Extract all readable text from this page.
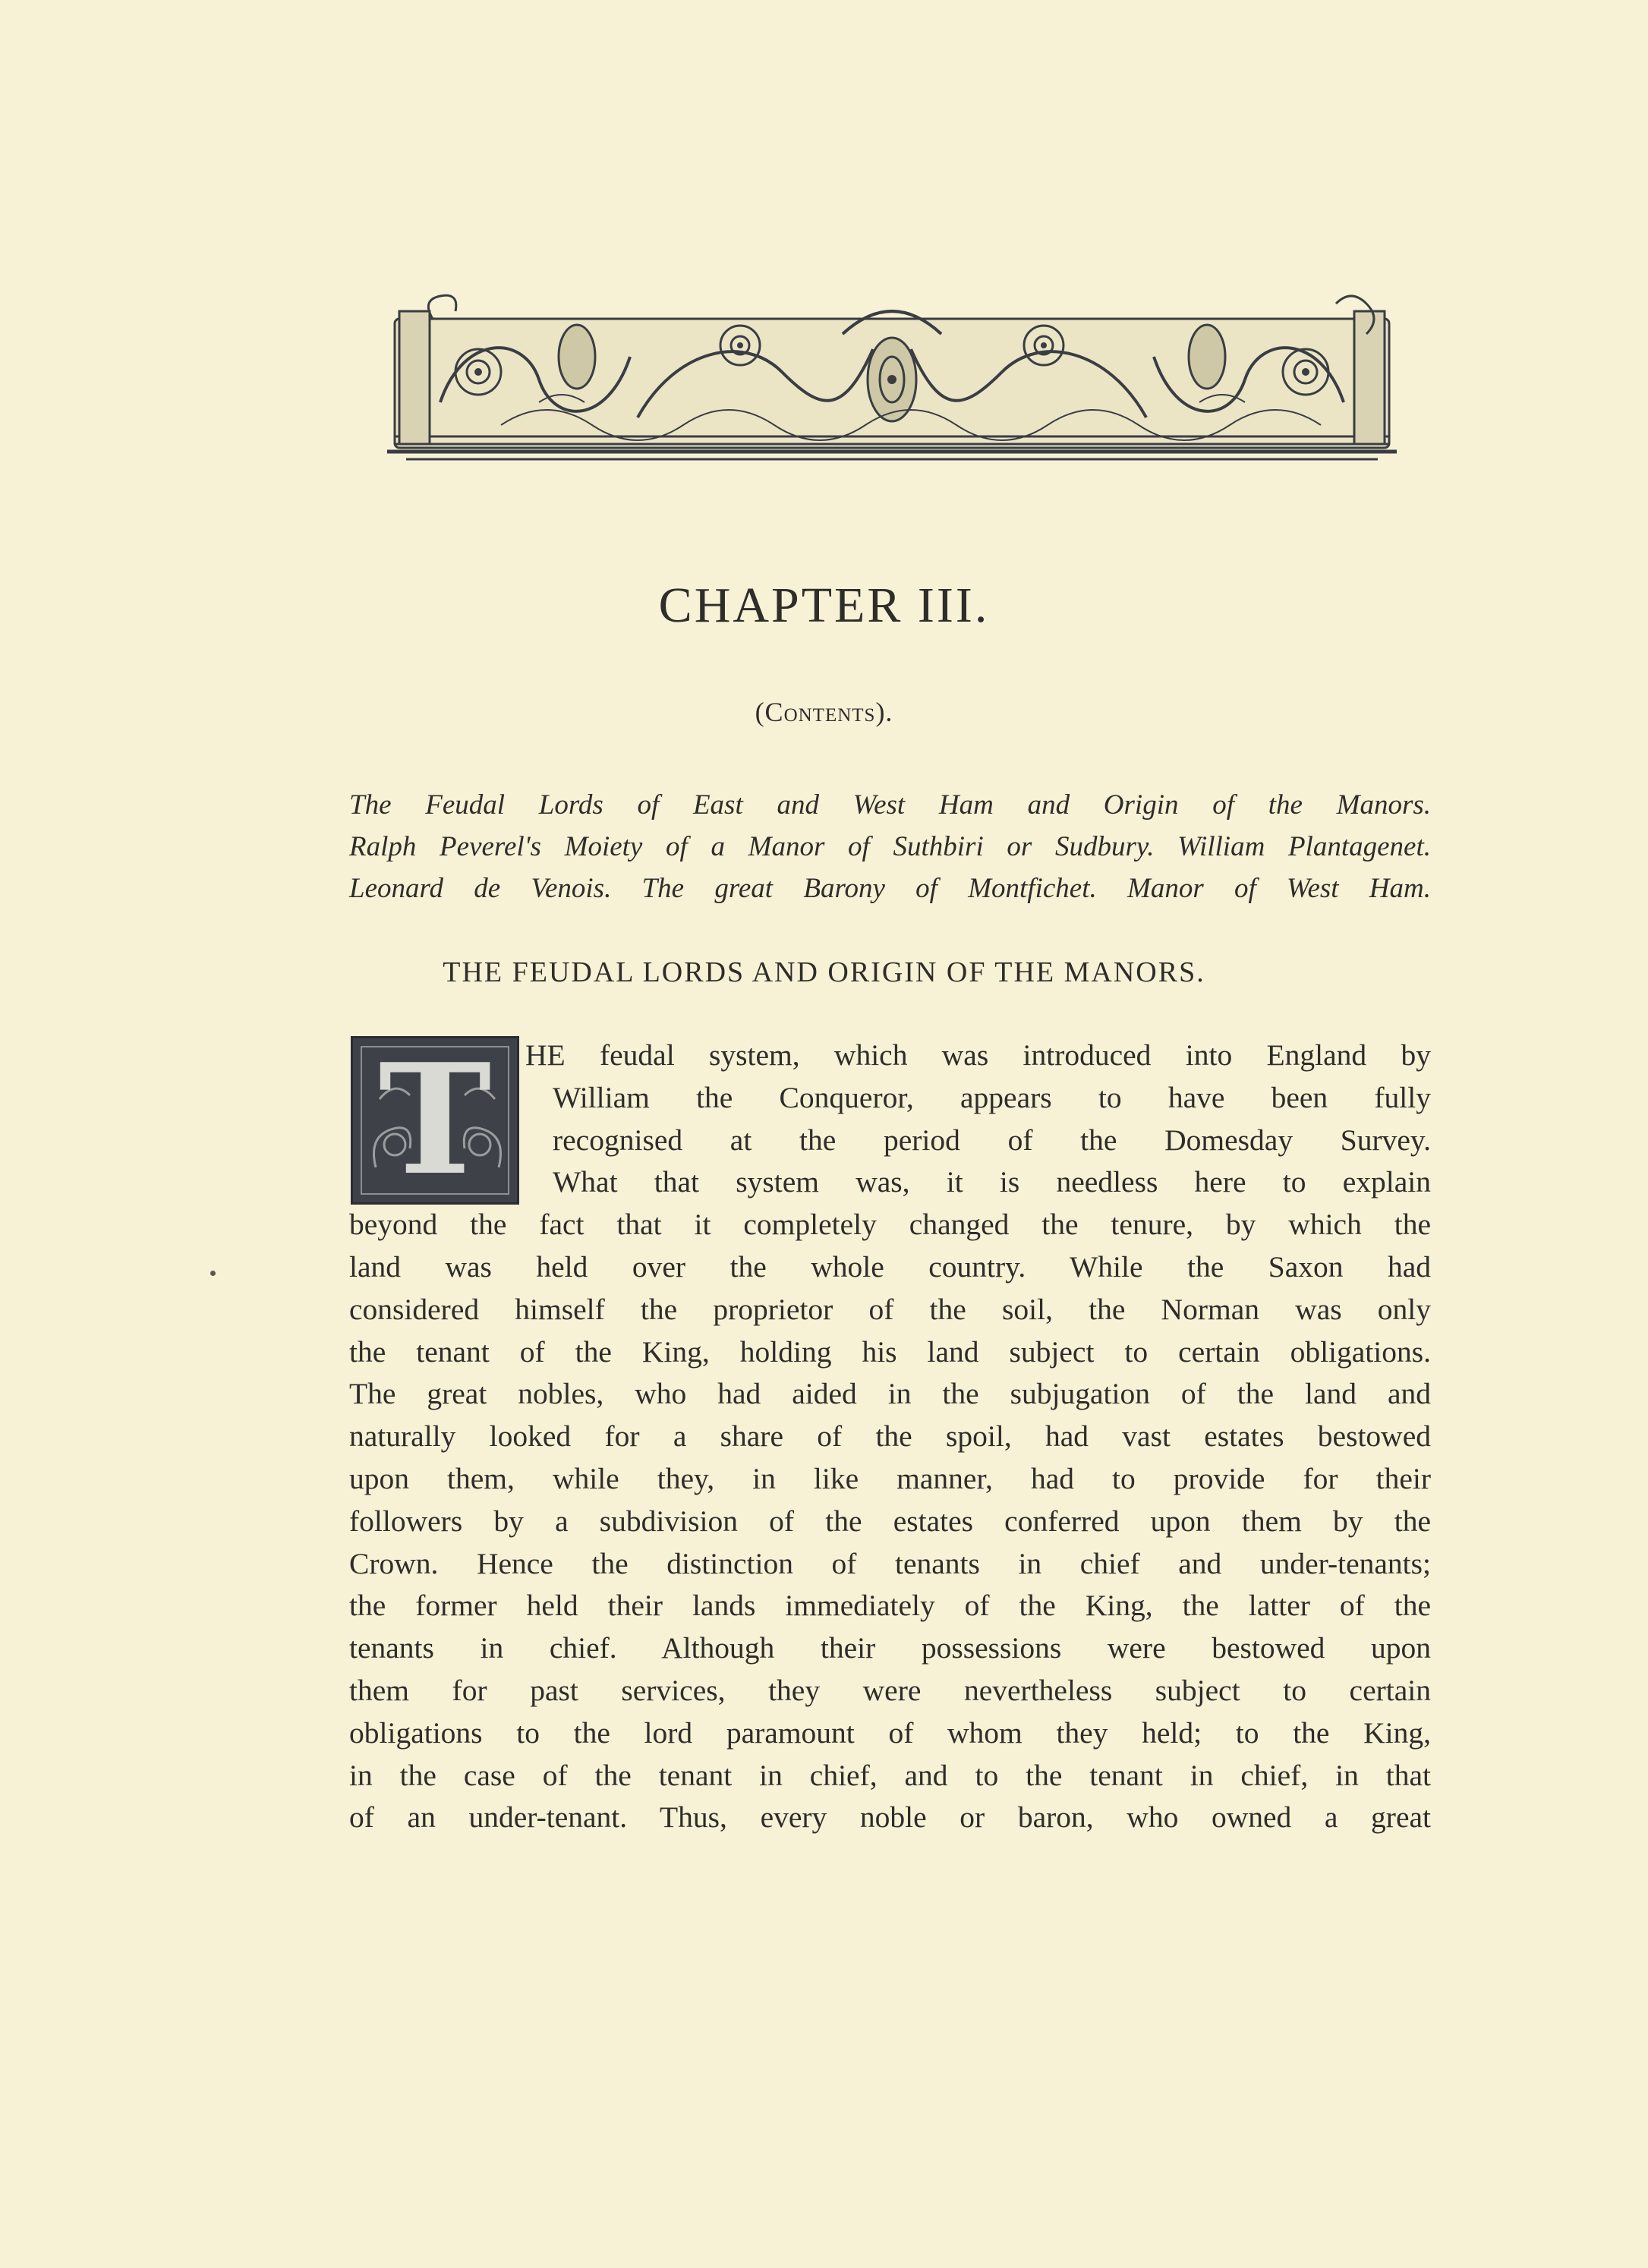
CHAPTER III.
(Contents).
The Feudal Lords of East and West Ham and Origin of the Manors.
Ralph Peverel's Moiety of a Manor of Suthbiri or Sudbury. William Plantagenet.
Leonard de Venois. The great Barony of Montfichet. Manor of West Ham.
THE FEUDAL LORDS AND ORIGIN OF THE MANORS.
T	HE feudal system, which was introduced into England by
William the Conqueror, appears to have been fully
recognised at the period of the Domesday Survey.
What that system was, it is needless here to explain
beyond the fact that it completely changed the tenure, by which the
land was held over the whole country. While the Saxon had
considered himself the proprietor of the soil, the Norman was only
the tenant of the King, holding his land subject to certain obligations.
The great nobles, who had aided in the subjugation of the land and
naturally looked for a share of the spoil, had vast estates bestowed
upon them, while they, in like manner, had to provide for their
followers by a subdivision of the estates conferred upon them by the
Crown. Hence the distinction of tenants in chief and under-tenants;
the former held their lands immediately of the King, the latter of the
tenants in chief. Although their possessions were bestowed upon
them for past services, they were nevertheless subject to certain
obligations to the lord paramount of whom they held; to the King,
in the case of the tenant in chief, and to the tenant in chief, in that
of an under-tenant. Thus, every noble or baron, who owned a great
